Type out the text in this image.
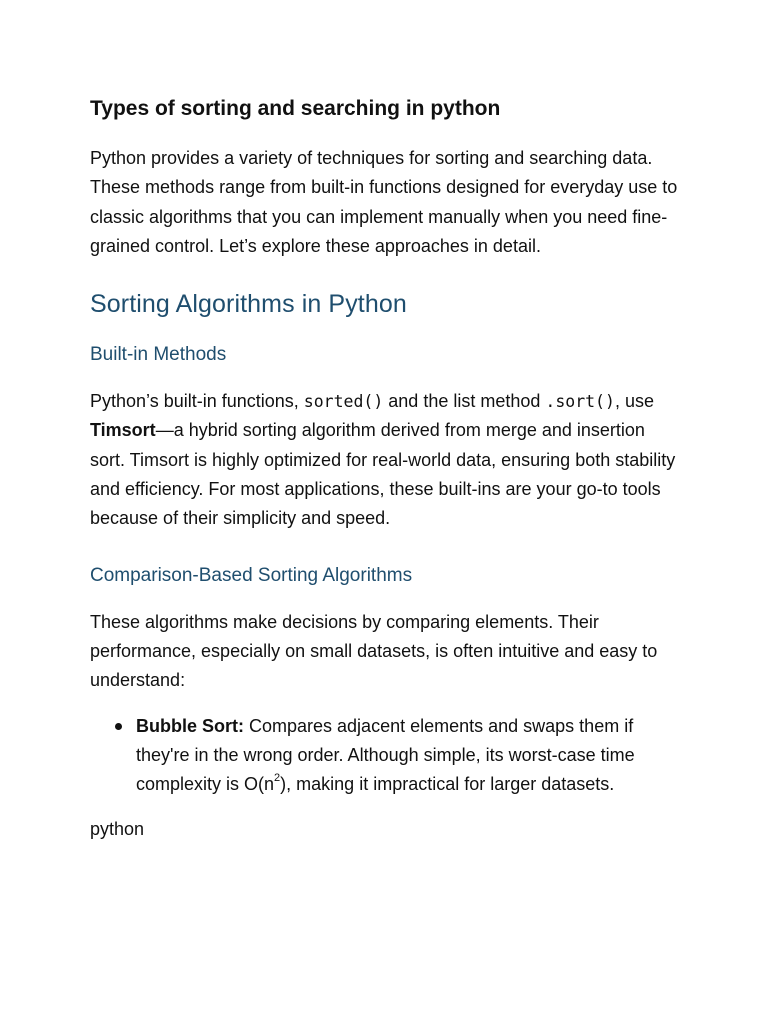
Types of sorting and searching in python

Python provides a variety of techniques for sorting and searching data. These methods range from built-in functions designed for everyday use to classic algorithms that you can implement manually when you need fine-grained control. Let’s explore these approaches in detail.

Sorting Algorithms in Python
Built-in Methods

Python’s built-in functions, sorted() and the list method .sort(), use Timsort—a hybrid sorting algorithm derived from merge and insertion sort. Timsort is highly optimized for real-world data, ensuring both stability and efficiency. For most applications, these built-ins are your go-to tools because of their simplicity and speed.

Comparison-Based Sorting Algorithms

These algorithms make decisions by comparing elements. Their performance, especially on small datasets, is often intuitive and easy to understand:

Bubble Sort: Compares adjacent elements and swaps them if they're in the wrong order. Although simple, its worst-case time complexity is $O(n^2)$, making it impractical for larger datasets.

python
